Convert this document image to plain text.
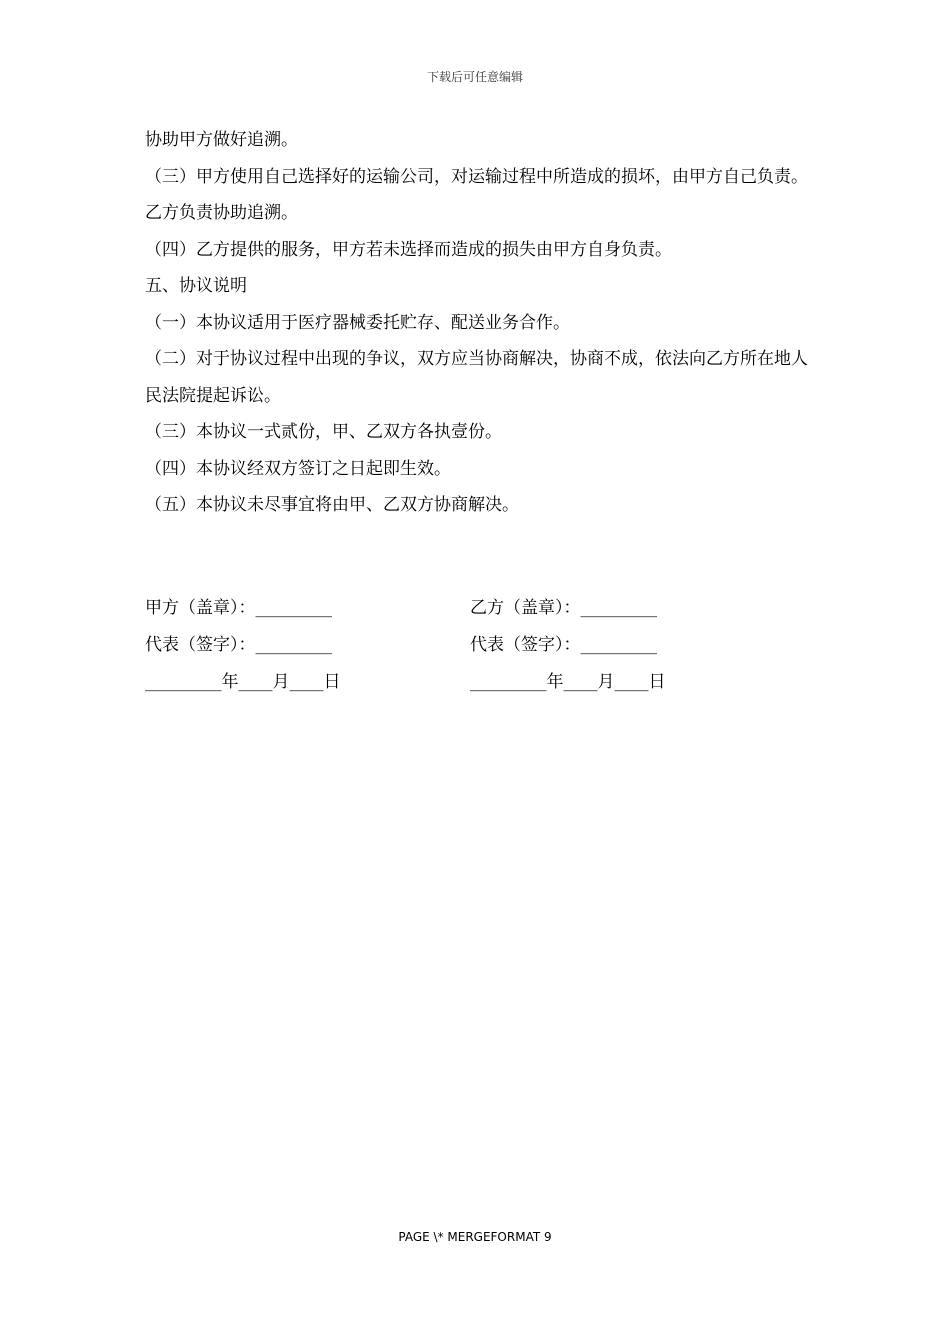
下载后可任意编辑

协助甲方做好追溯。

（三）甲方使用自己选择好的运输公司，对运输过程中所造成的损坏，由甲方自己负责。乙方负责协助追溯。

（四）乙方提供的服务，甲方若未选择而造成的损失由甲方自身负责。

五、协议说明

（一）本协议适用于医疗器械委托贮存、配送业务合作。

（二）对于协议过程中出现的争议，双方应当协商解决，协商不成，依法向乙方所在地人民法院提起诉讼。

（三）本协议一式贰份，甲、乙双方各执壹份。

（四）本协议经双方签订之日起即生效。

（五）本协议未尽事宜将由甲、乙双方协商解决。

甲方（盖章）：_________	乙方（盖章）：_________
代表（签字）：_________	代表（签字）：_________
_________年____月____日	_________年____月____日
PAGE \* MERGEFORMAT 9
